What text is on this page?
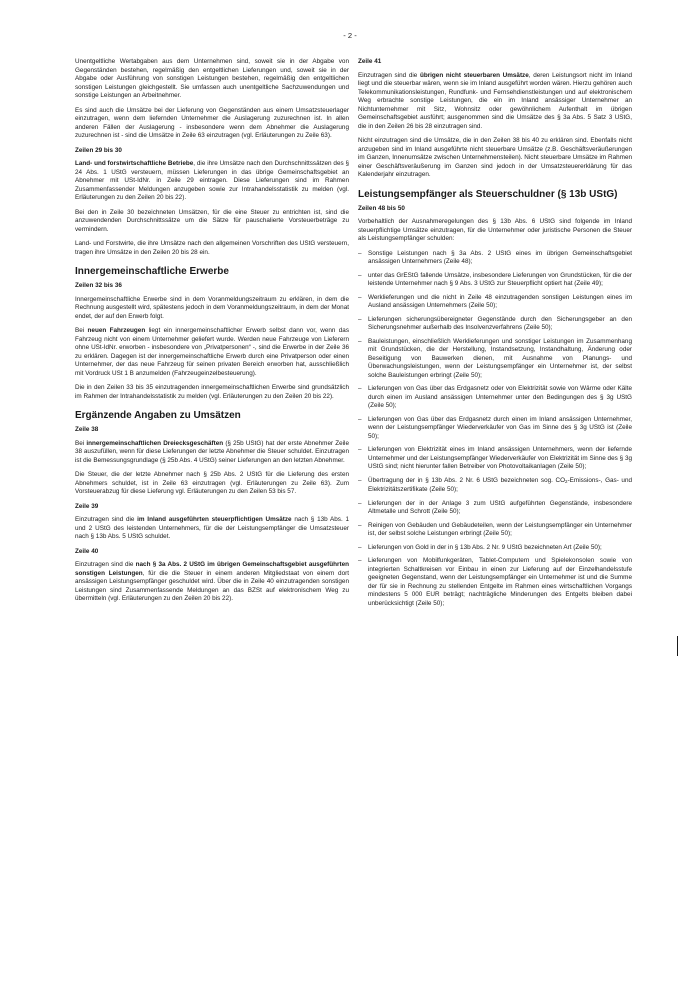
- 2 -

Unentgeltliche Wertabgaben aus dem Unternehmen sind, soweit sie in der Abgabe von Gegenständen bestehen, regelmäßig den entgeltlichen Lieferungen und, soweit sie in der Abgabe oder Ausführung von sonstigen Leistungen bestehen, regelmäßig den entgeltlichen sonstigen Leistungen gleichgestellt. Sie umfassen auch unentgeltliche Sachzuwendungen und sonstige Leistungen an Arbeitnehmer.

Es sind auch die Umsätze bei der Lieferung von Gegenständen aus einem Umsatzsteuerlager einzutragen, wenn dem liefernden Unternehmer die Auslagerung zuzurechnen ist. In allen anderen Fällen der Auslagerung - insbesondere wenn dem Abnehmer die Auslagerung zuzurechnen ist - sind die Umsätze in Zeile 63 einzutragen (vgl. Erläuterungen zu Zeile 63).

Zeilen 29 bis 30

Land- und forstwirtschaftliche Betriebe, die ihre Umsätze nach den Durchschnittssätzen des § 24 Abs. 1 UStG versteuern, müssen Lieferungen in das übrige Gemeinschaftsgebiet an Abnehmer mit USt-IdNr. in Zeile 29 eintragen. Diese Lieferungen sind im Rahmen Zusammenfassender Meldungen anzugeben sowie zur Intrahandelsstatistik zu melden (vgl. Erläuterungen zu den Zeilen 20 bis 22).

Bei den in Zeile 30 bezeichneten Umsätzen, für die eine Steuer zu entrichten ist, sind die anzuwendenden Durchschnittssätze um die Sätze für pauschalierte Vorsteuerbeträge zu vermindern.

Land- und Forstwirte, die ihre Umsätze nach den allgemeinen Vorschriften des UStG versteuern, tragen ihre Umsätze in den Zeilen 20 bis 28 ein.

Innergemeinschaftliche Erwerbe
Zeilen 32 bis 36

Innergemeinschaftliche Erwerbe sind in dem Voranmeldungszeitraum zu erklären, in dem die Rechnung ausgestellt wird, spätestens jedoch in dem Voranmeldungszeitraum, in dem der Monat endet, der auf den Erwerb folgt.

Bei neuen Fahrzeugen liegt ein innergemeinschaftlicher Erwerb selbst dann vor, wenn das Fahrzeug nicht von einem Unternehmer geliefert wurde. Werden neue Fahrzeuge von Lieferern ohne USt-IdNr. erworben - insbesondere von „Privatpersonen“ -, sind die Erwerbe in der Zeile 36 zu erklären. Dagegen ist der innergemeinschaftliche Erwerb durch eine Privatperson oder einen Unternehmer, der das neue Fahrzeug für seinen privaten Bereich erworben hat, ausschließlich mit Vordruck USt 1 B anzumelden (Fahrzeugeinzelbesteuerung).

Die in den Zeilen 33 bis 35 einzutragenden innergemeinschaftlichen Erwerbe sind grundsätzlich im Rahmen der Intrahandelsstatistik zu melden (vgl. Erläuterungen zu den Zeilen 20 bis 22).

Ergänzende Angaben zu Umsätzen
Zeile 38

Bei innergemeinschaftlichen Dreiecksgeschäften (§ 25b UStG) hat der erste Abnehmer Zeile 38 auszufüllen, wenn für diese Lieferungen der letzte Abnehmer die Steuer schuldet. Einzutragen ist die Bemessungsgrundlage (§ 25b Abs. 4 UStG) seiner Lieferungen an den letzten Abnehmer.

Die Steuer, die der letzte Abnehmer nach § 25b Abs. 2 UStG für die Lieferung des ersten Abnehmers schuldet, ist in Zeile 63 einzutragen (vgl. Erläuterungen zu Zeile 63). Zum Vorsteuerabzug für diese Lieferung vgl. Erläuterungen zu den Zeilen 53 bis 57.

Zeile 39

Einzutragen sind die im Inland ausgeführten steuerpflichtigen Umsätze nach § 13b Abs. 1 und 2 UStG des leistenden Unternehmers, für die der Leistungsempfänger die Umsatzsteuer nach § 13b Abs. 5 UStG schuldet.

Zeile 40

Einzutragen sind die nach § 3a Abs. 2 UStG im übrigen Gemeinschaftsgebiet ausgeführten sonstigen Leistungen, für die die Steuer in einem anderen Mitgliedstaat von einem dort ansässigen Leistungsempfänger geschuldet wird. Über die in Zeile 40 einzutragenden sonstigen Leistungen sind Zusammenfassende Meldungen an das BZSt auf elektronischem Weg zu übermitteln (vgl. Erläuterungen zu den Zeilen 20 bis 22).

Zeile 41

Einzutragen sind die übrigen nicht steuerbaren Umsätze, deren Leistungsort nicht im Inland liegt und die steuerbar wären, wenn sie im Inland ausgeführt worden wären. Hierzu gehören auch Telekommunikationsleistungen, Rundfunk- und Fernsehdienstleistungen und auf elektronischem Weg erbrachte sonstige Leistungen, die ein im Inland ansässiger Unternehmer an Nichtunternehmer mit Sitz, Wohnsitz oder gewöhnlichem Aufenthalt im übrigen Gemeinschaftsgebiet ausführt; ausgenommen sind die Umsätze des § 3a Abs. 5 Satz 3 UStG, die in den Zeilen 26 bis 28 einzutragen sind.

Nicht einzutragen sind die Umsätze, die in den Zeilen 38 bis 40 zu erklären sind. Ebenfalls nicht anzugeben sind im Inland ausgeführte nicht steuerbare Umsätze (z.B. Geschäftsveräußerungen im Ganzen, Innenumsätze zwischen Unternehmensteilen). Nicht steuerbare Umsätze im Rahmen einer Geschäftsveräußerung im Ganzen sind jedoch in der Umsatzsteuererklärung für das Kalenderjahr einzutragen.

Leistungsempfänger als Steuerschuldner (§ 13b UStG)
Zeilen 48 bis 50

Vorbehaltlich der Ausnahmeregelungen des § 13b Abs. 6 UStG sind folgende im Inland steuerpflichtige Umsätze einzutragen, für die Unternehmer oder juristische Personen die Steuer als Leistungsempfänger schulden:

– Sonstige Leistungen nach § 3a Abs. 2 UStG eines im übrigen Gemeinschaftsgebiet ansässigen Unternehmers (Zeile 48);
– unter das GrEStG fallende Umsätze, insbesondere Lieferungen von Grundstücken, für die der leistende Unternehmer nach § 9 Abs. 3 UStG zur Steuerpflicht optiert hat (Zeile 49);
– Werklieferungen und die nicht in Zeile 48 einzutragenden sonstigen Leistungen eines im Ausland ansässigen Unternehmers (Zeile 50);
– Lieferungen sicherungsübereigneter Gegenstände durch den Sicherungsgeber an den Sicherungsnehmer außerhalb des Insolvenzverfahrens (Zeile 50);
– Bauleistungen, einschließlich Werklieferungen und sonstiger Leistungen im Zusammenhang mit Grundstücken, die der Herstellung, Instandsetzung, Instandhaltung, Änderung oder Beseitigung von Bauwerken dienen, mit Ausnahme von Planungs- und Überwachungsleistungen, wenn der Leistungsempfänger ein Unternehmer ist, der selbst solche Bauleistungen erbringt (Zeile 50);
– Lieferungen von Gas über das Erdgasnetz oder von Elektrizität sowie von Wärme oder Kälte durch einen im Ausland ansässigen Unternehmer unter den Bedingungen des § 3g UStG (Zeile 50);
– Lieferungen von Gas über das Erdgasnetz durch einen im Inland ansässigen Unternehmer, wenn der Leistungsempfänger Wiederverkäufer von Gas im Sinne des § 3g UStG ist (Zeile 50);
– Lieferungen von Elektrizität eines im Inland ansässigen Unternehmers, wenn der liefernde Unternehmer und der Leistungsempfänger Wiederverkäufer von Elektrizität im Sinne des § 3g UStG sind; nicht hierunter fallen Betreiber von Photovoltaikanlagen (Zeile 50);
– Übertragung der in § 13b Abs. 2 Nr. 6 UStG bezeichneten sog. CO2-Emissions-, Gas- und Elektrizitätszertifikate (Zeile 50);
– Lieferungen der in der Anlage 3 zum UStG aufgeführten Gegenstände, insbesondere Altmetalle und Schrott (Zeile 50);
– Reinigen von Gebäuden und Gebäudeteilen, wenn der Leistungsempfänger ein Unternehmer ist, der selbst solche Leistungen erbringt (Zeile 50);
– Lieferungen von Gold in der in § 13b Abs. 2 Nr. 9 UStG bezeichneten Art (Zeile 50);
– Lieferungen von Mobilfunkgeräten, Tablet-Computern und Spielekonsolen sowie von integrierten Schaltkreisen vor Einbau in einen zur Lieferung auf der Einzelhandelsstufe geeigneten Gegenstand, wenn der Leistungsempfänger ein Unternehmer ist und die Summe der für sie in Rechnung zu stellenden Entgelte im Rahmen eines wirtschaftlichen Vorgangs mindestens 5 000 EUR beträgt; nachträgliche Minderungen des Entgelts bleiben dabei unberücksichtigt (Zeile 50);
